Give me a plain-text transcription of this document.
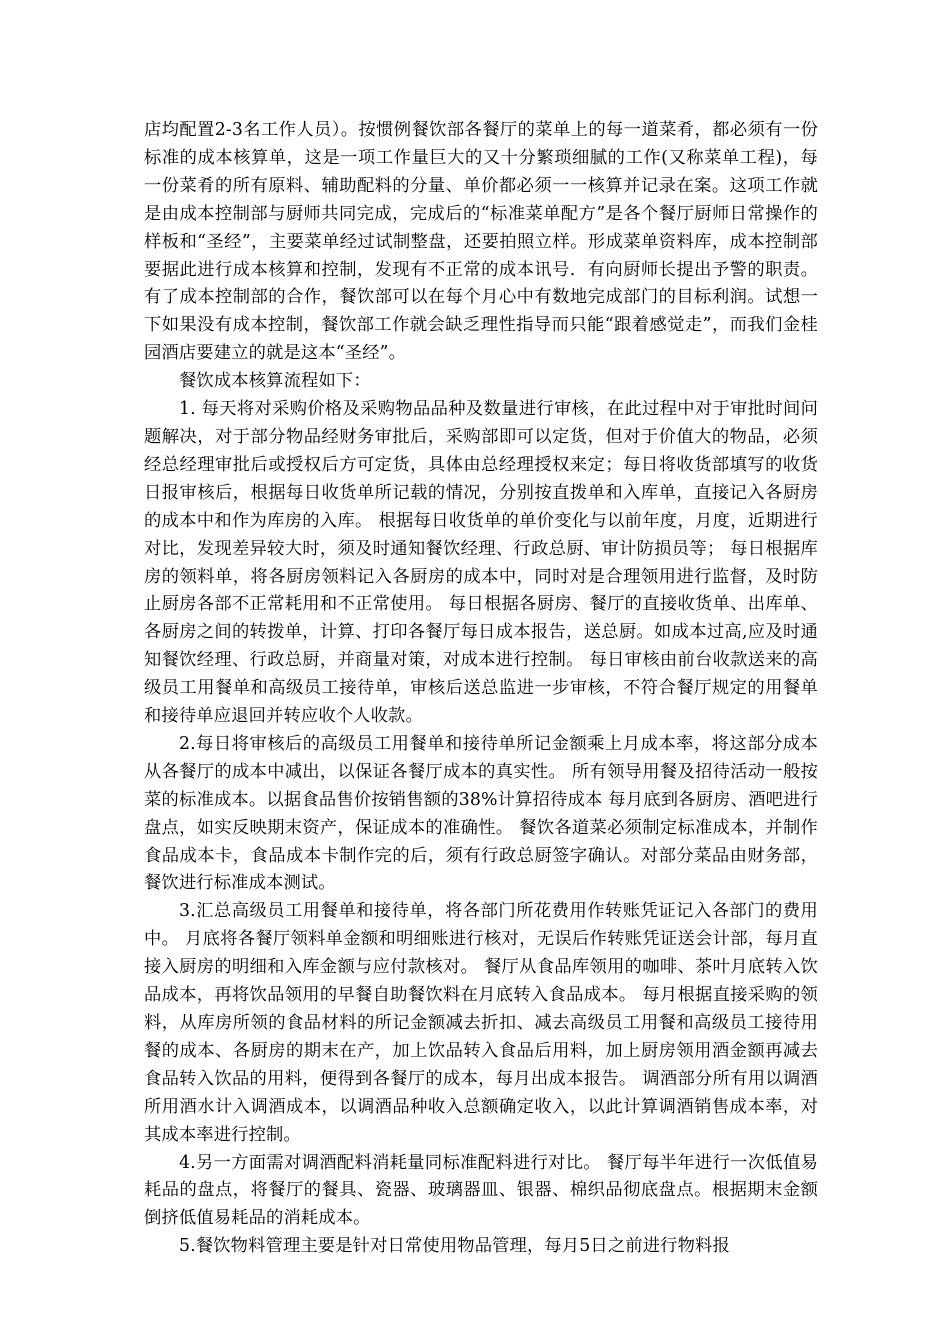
店均配置2-3名工作人员）。按惯例餐饮部各餐厅的菜单上的每一道菜肴，都必须有一份标准的成本核算单，这是一项工作量巨大的又十分繁琐细腻的工作(又称菜单工程)，每一份菜肴的所有原料、辅助配料的分量、单价都必须一一核算并记录在案。这项工作就是由成本控制部与厨师共同完成，完成后的“标准菜单配方”是各个餐厅厨师日常操作的样板和“圣经”，主要菜单经过试制整盘，还要拍照立样。形成菜单资料库，成本控制部要据此进行成本核算和控制，发现有不正常的成本讯号．有向厨师长提出予警的职责。有了成本控制部的合作，餐饮部可以在每个月心中有数地完成部门的目标利润。试想一下如果没有成本控制，餐饮部工作就会缺乏理性指导而只能“跟着感觉走”，而我们金桂园酒店要建立的就是这本“圣经”。

餐饮成本核算流程如下：

1. 每天将对采购价格及采购物品品种及数量进行审核，在此过程中对于审批时间问题解决，对于部分物品经财务审批后，采购部即可以定货，但对于价值大的物品，必须经总经理审批后或授权后方可定货，具体由总经理授权来定；每日将收货部填写的收货日报审核后，根据每日收货单所记载的情况，分别按直拨单和入库单，直接记入各厨房的成本中和作为库房的入库。 根据每日收货单的单价变化与以前年度，月度，近期进行对比，发现差异较大时，须及时通知餐饮经理、行政总厨、审计防损员等； 每日根据库房的领料单，将各厨房领料记入各厨房的成本中，同时对是合理领用进行监督，及时防止厨房各部不正常耗用和不正常使用。 每日根据各厨房、餐厅的直接收货单、出库单、各厨房之间的转拨单，计算、打印各餐厅每日成本报告，送总厨。如成本过高,应及时通知餐饮经理、行政总厨，并商量对策，对成本进行控制。 每日审核由前台收款送来的高级员工用餐单和高级员工接待单，审核后送总监进一步审核，不符合餐厅规定的用餐单和接待单应退回并转应收个人收款。

2.每日将审核后的高级员工用餐单和接待单所记金额乘上月成本率，将这部分成本从各餐厅的成本中减出，以保证各餐厅成本的真实性。 所有领导用餐及招待活动一般按菜的标准成本。以据食品售价按销售额的38%计算招待成本 每月底到各厨房、酒吧进行盘点，如实反映期末资产，保证成本的准确性。 餐饮各道菜必须制定标准成本，并制作食品成本卡，食品成本卡制作完的后，须有行政总厨签字确认。对部分菜品由财务部，餐饮进行标准成本测试。

3.汇总高级员工用餐单和接待单，将各部门所花费用作转账凭证记入各部门的费用中。 月底将各餐厅领料单金额和明细账进行核对，无误后作转账凭证送会计部，每月直接入厨房的明细和入库金额与应付款核对。 餐厅从食品库领用的咖啡、茶叶月底转入饮品成本，再将饮品领用的早餐自助餐饮料在月底转入食品成本。 每月根据直接采购的领料，从库房所领的食品材料的所记金额减去折扣、减去高级员工用餐和高级员工接待用餐的成本、各厨房的期末在产，加上饮品转入食品后用料，加上厨房领用酒金额再减去食品转入饮品的用料，便得到各餐厅的成本，每月出成本报告。 调酒部分所有用以调酒所用酒水计入调酒成本，以调酒品种收入总额确定收入，以此计算调酒销售成本率，对其成本率进行控制。

4.另一方面需对调酒配料消耗量同标准配料进行对比。 餐厅每半年进行一次低值易耗品的盘点，将餐厅的餐具、瓷器、玻璃器皿、银器、棉织品彻底盘点。根据期末金额倒挤低值易耗品的消耗成本。

5.餐饮物料管理主要是针对日常使用物品管理，每月5日之前进行物料报
